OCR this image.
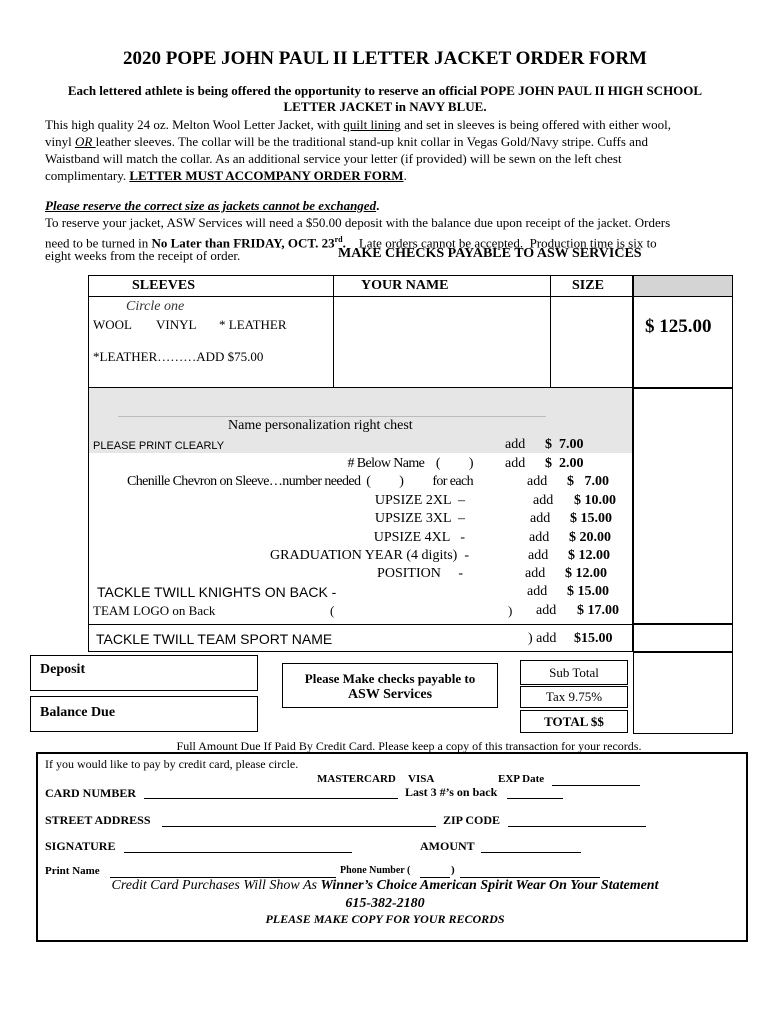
2020 POPE JOHN PAUL II LETTER JACKET ORDER FORM
Each lettered athlete is being offered the opportunity to reserve an official POPE JOHN PAUL II HIGH SCHOOL
LETTER JACKET in NAVY BLUE.
This high quality 24 oz. Melton Wool Letter Jacket, with quilt lining and set in sleeves is being offered with either wool,
vinyl OR leather sleeves. The collar will be the traditional stand-up knit collar in Vegas Gold/Navy stripe. Cuffs and
Waistband will match the collar. As an additional service your letter (if provided) will be sewn on the left chest
complimentary. LETTER MUST ACCOMPANY ORDER FORM.
Please reserve the correct size as jackets cannot be exchanged.
To reserve your jacket, ASW Services will need a $50.00 deposit with the balance due upon receipt of the jacket. Orders
need to be turned in No Later than FRIDAY, OCT. 23rd.    Late orders cannot be accepted.  Production time is six to
eight weeks from the receipt of order.	MAKE CHECKS PAYABLE TO ASW SERVICES
SLEEVES	YOUR NAME	SIZE
Circle one
WOOL VINYL * LEATHER
*LEATHER………ADD $75.00
$ 125.00
Name personalization right chest
PLEASE PRINT CLEARLY	add $  7.00
# Below Name    (          ) add $  2.00
Chenille Chevron on Sleeve…number needed  (          )          for each	add $   7.00
UPSIZE 2XL  –	add $ 10.00
UPSIZE 3XL  –	add $ 15.00
UPSIZE 4XL   -	add $ 20.00
GRADUATION YEAR (4 digits)  -	add $ 12.00
POSITION     -	add $ 12.00
TACKLE TWILL KNIGHTS ON BACK -	add $ 15.00
TEAM LOGO on Back	(	) add $ 17.00
TACKLE TWILL TEAM SPORT NAME	) add $15.00
Deposit
Balance Due
Please Make checks payable to
ASW Services
Sub Total
Tax 9.75%
TOTAL $$
Full Amount Due If Paid By Credit Card. Please keep a copy of this transaction for your records.
If you would like to pay by credit card, please circle.
MASTERCARD VISA	EXP Date
CARD NUMBER	Last 3 #’s on back
STREET ADDRESS	ZIP CODE
SIGNATURE	AMOUNT
Print Name	Phone Number (	)
Credit Card Purchases Will Show As Winner’s Choice American Spirit Wear On Your Statement
615-382-2180
PLEASE MAKE COPY FOR YOUR RECORDS
